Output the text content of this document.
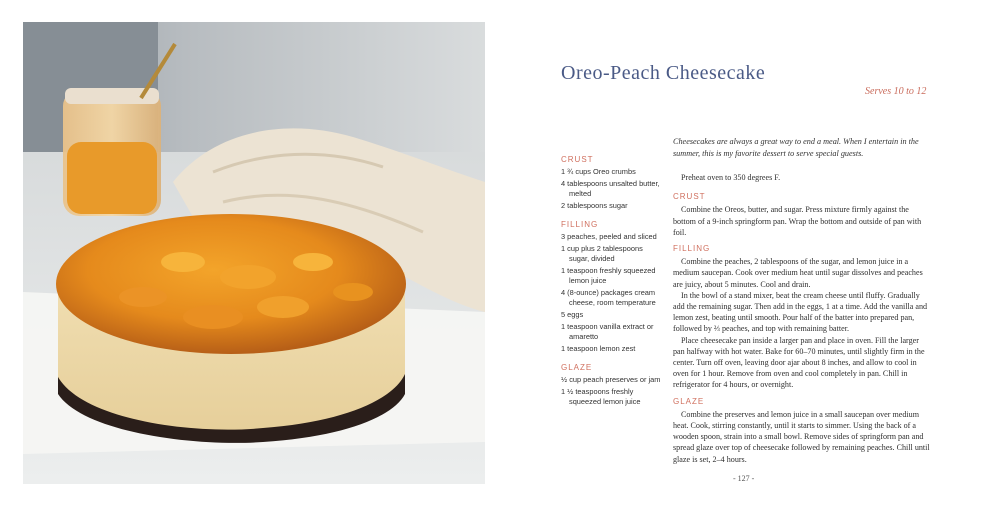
Oreo-Peach Cheesecake
Serves 10 to 12
Cheesecakes are always a great way to end a meal. When I entertain in the summer, this is my favorite dessert to serve special guests.
CRUST
1 ¾ cups Oreo crumbs
4 tablespoons unsalted butter, melted
2 tablespoons sugar
FILLING
3 peaches, peeled and sliced
1 cup plus 2 tablespoons sugar, divided
1 teaspoon freshly squeezed lemon juice
4 (8-ounce) packages cream cheese, room temperature
5 eggs
1 teaspoon vanilla extract or amaretto
1 teaspoon lemon zest
GLAZE
½ cup peach preserves or jam
1 ½ teaspoons freshly squeezed lemon juice

Preheat oven to 350 degrees F.

CRUST

Combine the Oreos, butter, and sugar. Press mixture firmly against the bottom of a 9-inch springform pan. Wrap the bottom and outside of pan with foil.

FILLING

Combine the peaches, 2 tablespoons of the sugar, and lemon juice in a medium saucepan. Cook over medium heat until sugar dissolves and peaches are juicy, about 5 minutes. Cool and drain.

In the bowl of a stand mixer, beat the cream cheese until fluffy. Gradually add the remaining sugar. Then add in the eggs, 1 at a time. Add the vanilla and lemon zest, beating until smooth. Pour half of the batter into prepared pan, followed by ⅔ peaches, and top with remaining batter.

Place cheesecake pan inside a larger pan and place in oven. Fill the larger pan halfway with hot water. Bake for 60–70 minutes, until slightly firm in the center. Turn off oven, leaving door ajar about 8 inches, and allow to cool in oven for 1 hour. Remove from oven and cool completely in pan. Chill in refrigerator for 4 hours, or overnight.

GLAZE

Combine the preserves and lemon juice in a small saucepan over medium heat. Cook, stirring constantly, until it starts to simmer. Using the back of a wooden spoon, strain into a small bowl. Remove sides of springform pan and spread glaze over top of cheesecake followed by remaining peaches. Chill until glaze is set, 2–4 hours.

- 127 -
